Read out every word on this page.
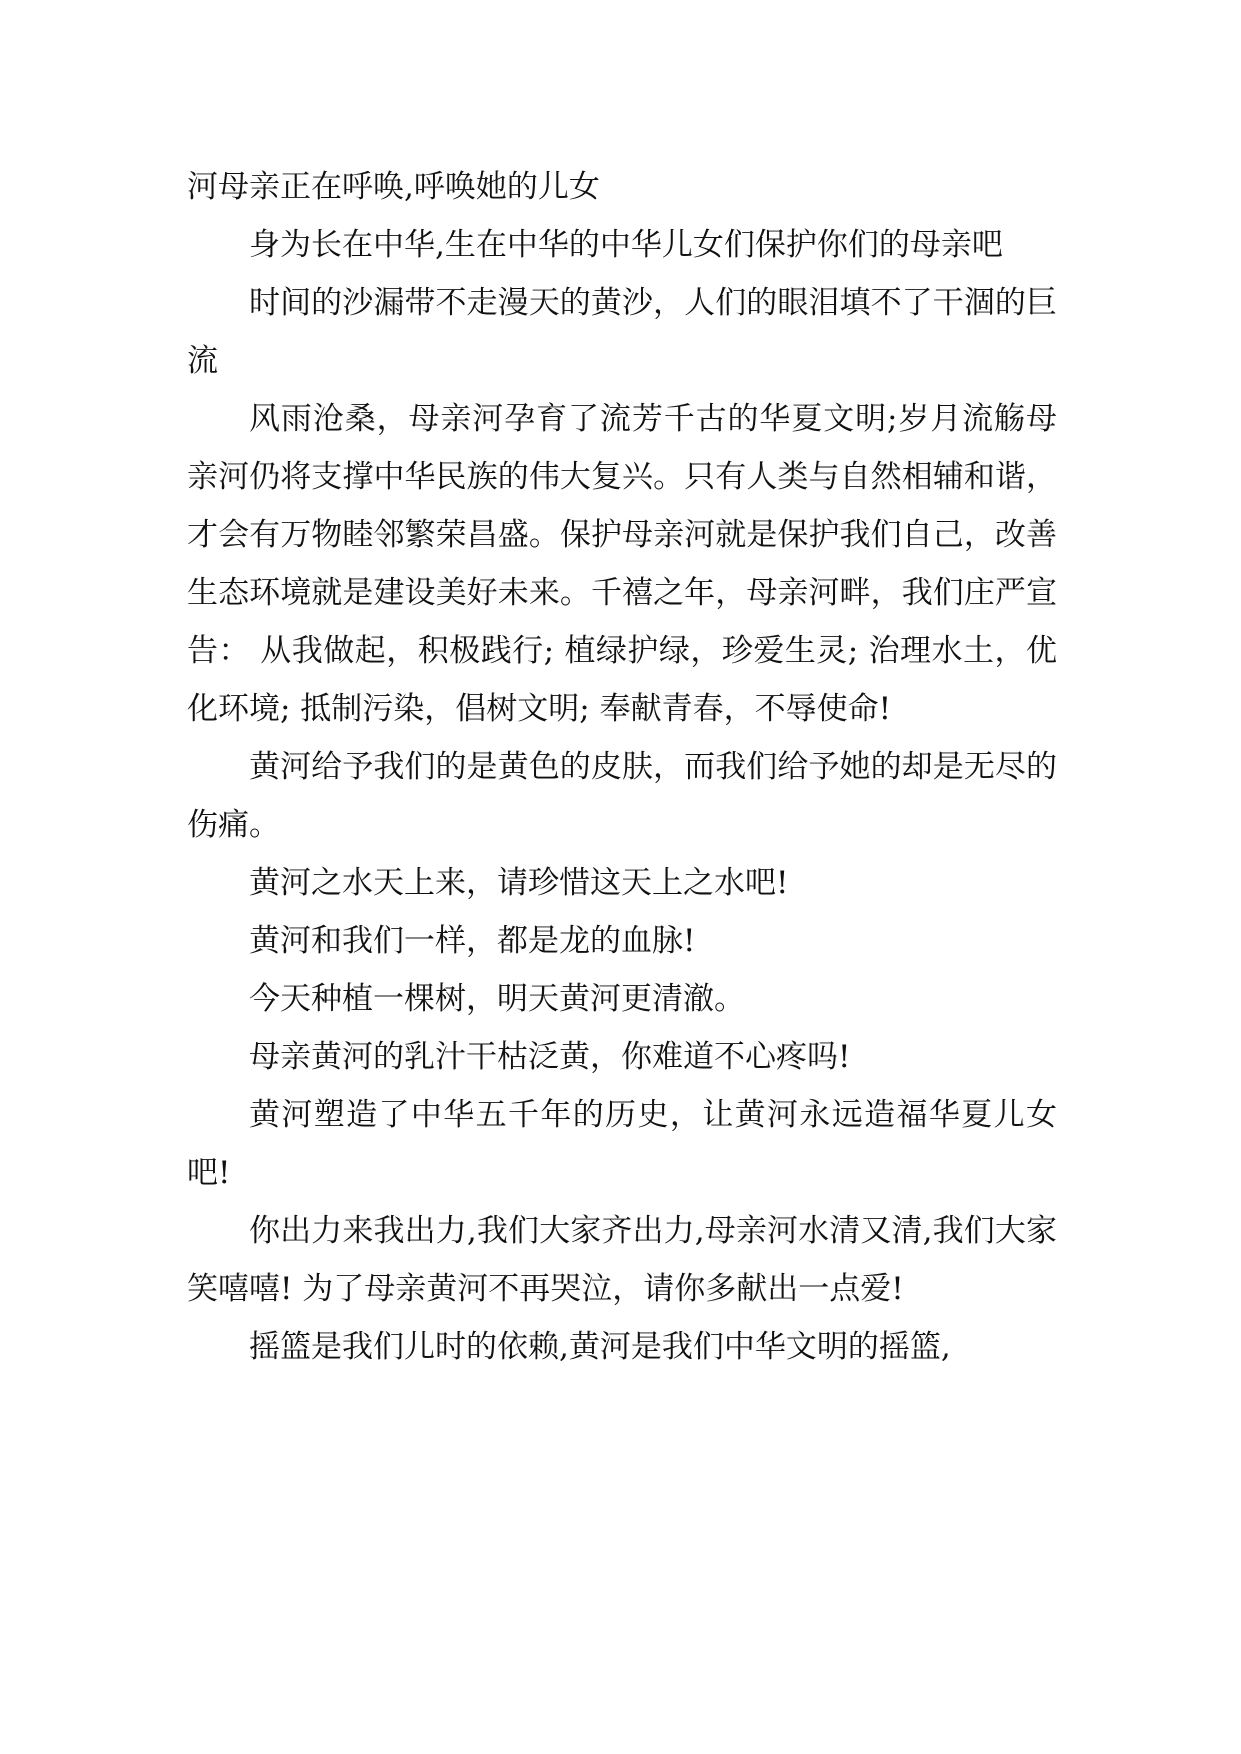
河母亲正在呼唤,呼唤她的儿女

身为长在中华,生在中华的中华儿女们保护你们的母亲吧

时间的沙漏带不走漫天的黄沙，人们的眼泪填不了干涸的巨流

风雨沧桑，母亲河孕育了流芳千古的华夏文明;岁月流觞母亲河仍将支撑中华民族的伟大复兴。只有人类与自然相辅和谐，才会有万物睦邻繁荣昌盛。保护母亲河就是保护我们自己，改善生态环境就是建设美好未来。千禧之年，母亲河畔，我们庄严宣告： 从我做起，积极践行; 植绿护绿，珍爱生灵; 治理水土，优化环境; 抵制污染，倡树文明; 奉献青春，不辱使命!

黄河给予我们的是黄色的皮肤，而我们给予她的却是无尽的伤痛。

黄河之水天上来，请珍惜这天上之水吧!

黄河和我们一样，都是龙的血脉!

今天种植一棵树，明天黄河更清澈。

母亲黄河的乳汁干枯泛黄，你难道不心疼吗!

黄河塑造了中华五千年的历史，让黄河永远造福华夏儿女吧!

你出力来我出力,我们大家齐出力,母亲河水清又清,我们大家笑嘻嘻! 为了母亲黄河不再哭泣，请你多献出一点爱!

摇篮是我们儿时的依赖,黄河是我们中华文明的摇篮,
